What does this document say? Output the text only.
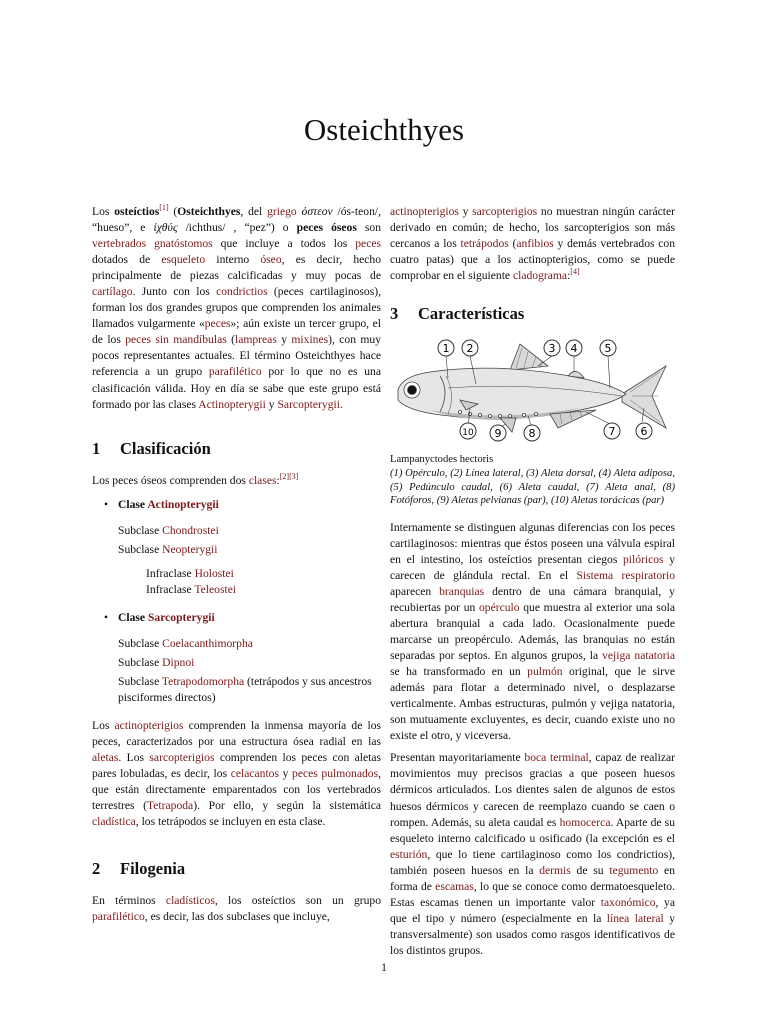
Osteichthyes

Los osteíctios[1] (Osteichthyes, del griego ὀστεον /ós-teon/, “hueso”, e ἰχθύς /ichthus/ , “pez”) o peces óseos son vertebrados gnatóstomos que incluye a todos los peces dotados de esqueleto interno óseo, es decir, hecho principalmente de piezas calcificadas y muy pocas de cartílago. Junto con los condrictios (peces cartilaginosos), forman los dos grandes grupos que comprenden los animales llamados vulgarmente «peces»; aún existe un tercer grupo, el de los peces sin mandíbulas (lampreas y mixines), con muy pocos representantes actuales. El término Osteichthyes hace referencia a un grupo parafilético por lo que no es una clasificación válida. Hoy en día se sabe que este grupo está formado por las clases Actinopterygii y Sarcopterygii.

1 Clasificación

Los peces óseos comprenden dos clases:[2][3]

• Clase Actinopterygii
Subclase Chondrostei
Subclase Neopterygii
Infraclase Holostei
Infraclase Teleostei
• Clase Sarcopterygii
Subclase Coelacanthimorpha
Subclase Dipnoi
Subclase Tetrapodomorpha (tetrápodos y sus ancestros pisciformes directos)

Los actinopterigios comprenden la inmensa mayoría de los peces, caracterizados por una estructura ósea radial en las aletas. Los sarcopterigios comprenden los peces con aletas pares lobuladas, es decir, los celacantos y peces pulmonados, que están directamente emparentados con los vertebrados terrestres (Tetrapoda). Por ello, y según la sistemática cladística, los tetrápodos se incluyen en esta clase.

2 Filogenia

En términos cladísticos, los osteíctios son un grupo parafilético, es decir, las dos subclases que incluye,

actinopterigios y sarcopterigios no muestran ningún carácter derivado en común; de hecho, los sarcopterigios son más cercanos a los tetrápodos (anfibios y demás vertebrados con cuatro patas) que a los actinopterigios, como se puede comprobar en el siguiente cladograma:[4]

3 Características
1 2	3 4 5
6
7
8
9
10
Lampanyctodes hectoris
(1) Opérculo, (2) Línea lateral, (3) Aleta dorsal, (4) Aleta adiposa, (5) Pedúnculo caudal, (6) Aleta caudal, (7) Aleta anal, (8) Fotóforos, (9) Aletas pelvianas (par), (10) Aletas torácicas (par)

Internamente se distinguen algunas diferencias con los peces cartilaginosos: mientras que éstos poseen una válvula espiral en el intestino, los osteíctios presentan ciegos pilóricos y carecen de glándula rectal. En el Sistema respiratorio aparecen branquias dentro de una cámara branquial, y recubiertas por un opérculo que muestra al exterior una sola abertura branquial a cada lado. Ocasionalmente puede marcarse un preopérculo. Además, las branquias no están separadas por septos. En algunos grupos, la vejiga natatoria se ha transformado en un pulmón original, que le sirve además para flotar a determinado nivel, o desplazarse verticalmente. Ambas estructuras, pulmón y vejiga natatoria, son mutuamente excluyentes, es decir, cuando existe uno no existe el otro, y viceversa.

Presentan mayoritariamente boca terminal, capaz de realizar movimientos muy precisos gracias a que poseen huesos dérmicos articulados. Los dientes salen de algunos de estos huesos dérmicos y carecen de reemplazo cuando se caen o rompen. Además, su aleta caudal es homocerca. Aparte de su esqueleto interno calcificado u osificado (la excepción es el esturión, que lo tiene cartilaginoso como los condrictios), también poseen huesos en la dermis de su tegumento en forma de escamas, lo que se conoce como dermatoesqueleto. Estas escamas tienen un importante valor taxonómico, ya que el tipo y número (especialmente en la línea lateral y transversalmente) son usados como rasgos identificativos de los distintos grupos.

1
